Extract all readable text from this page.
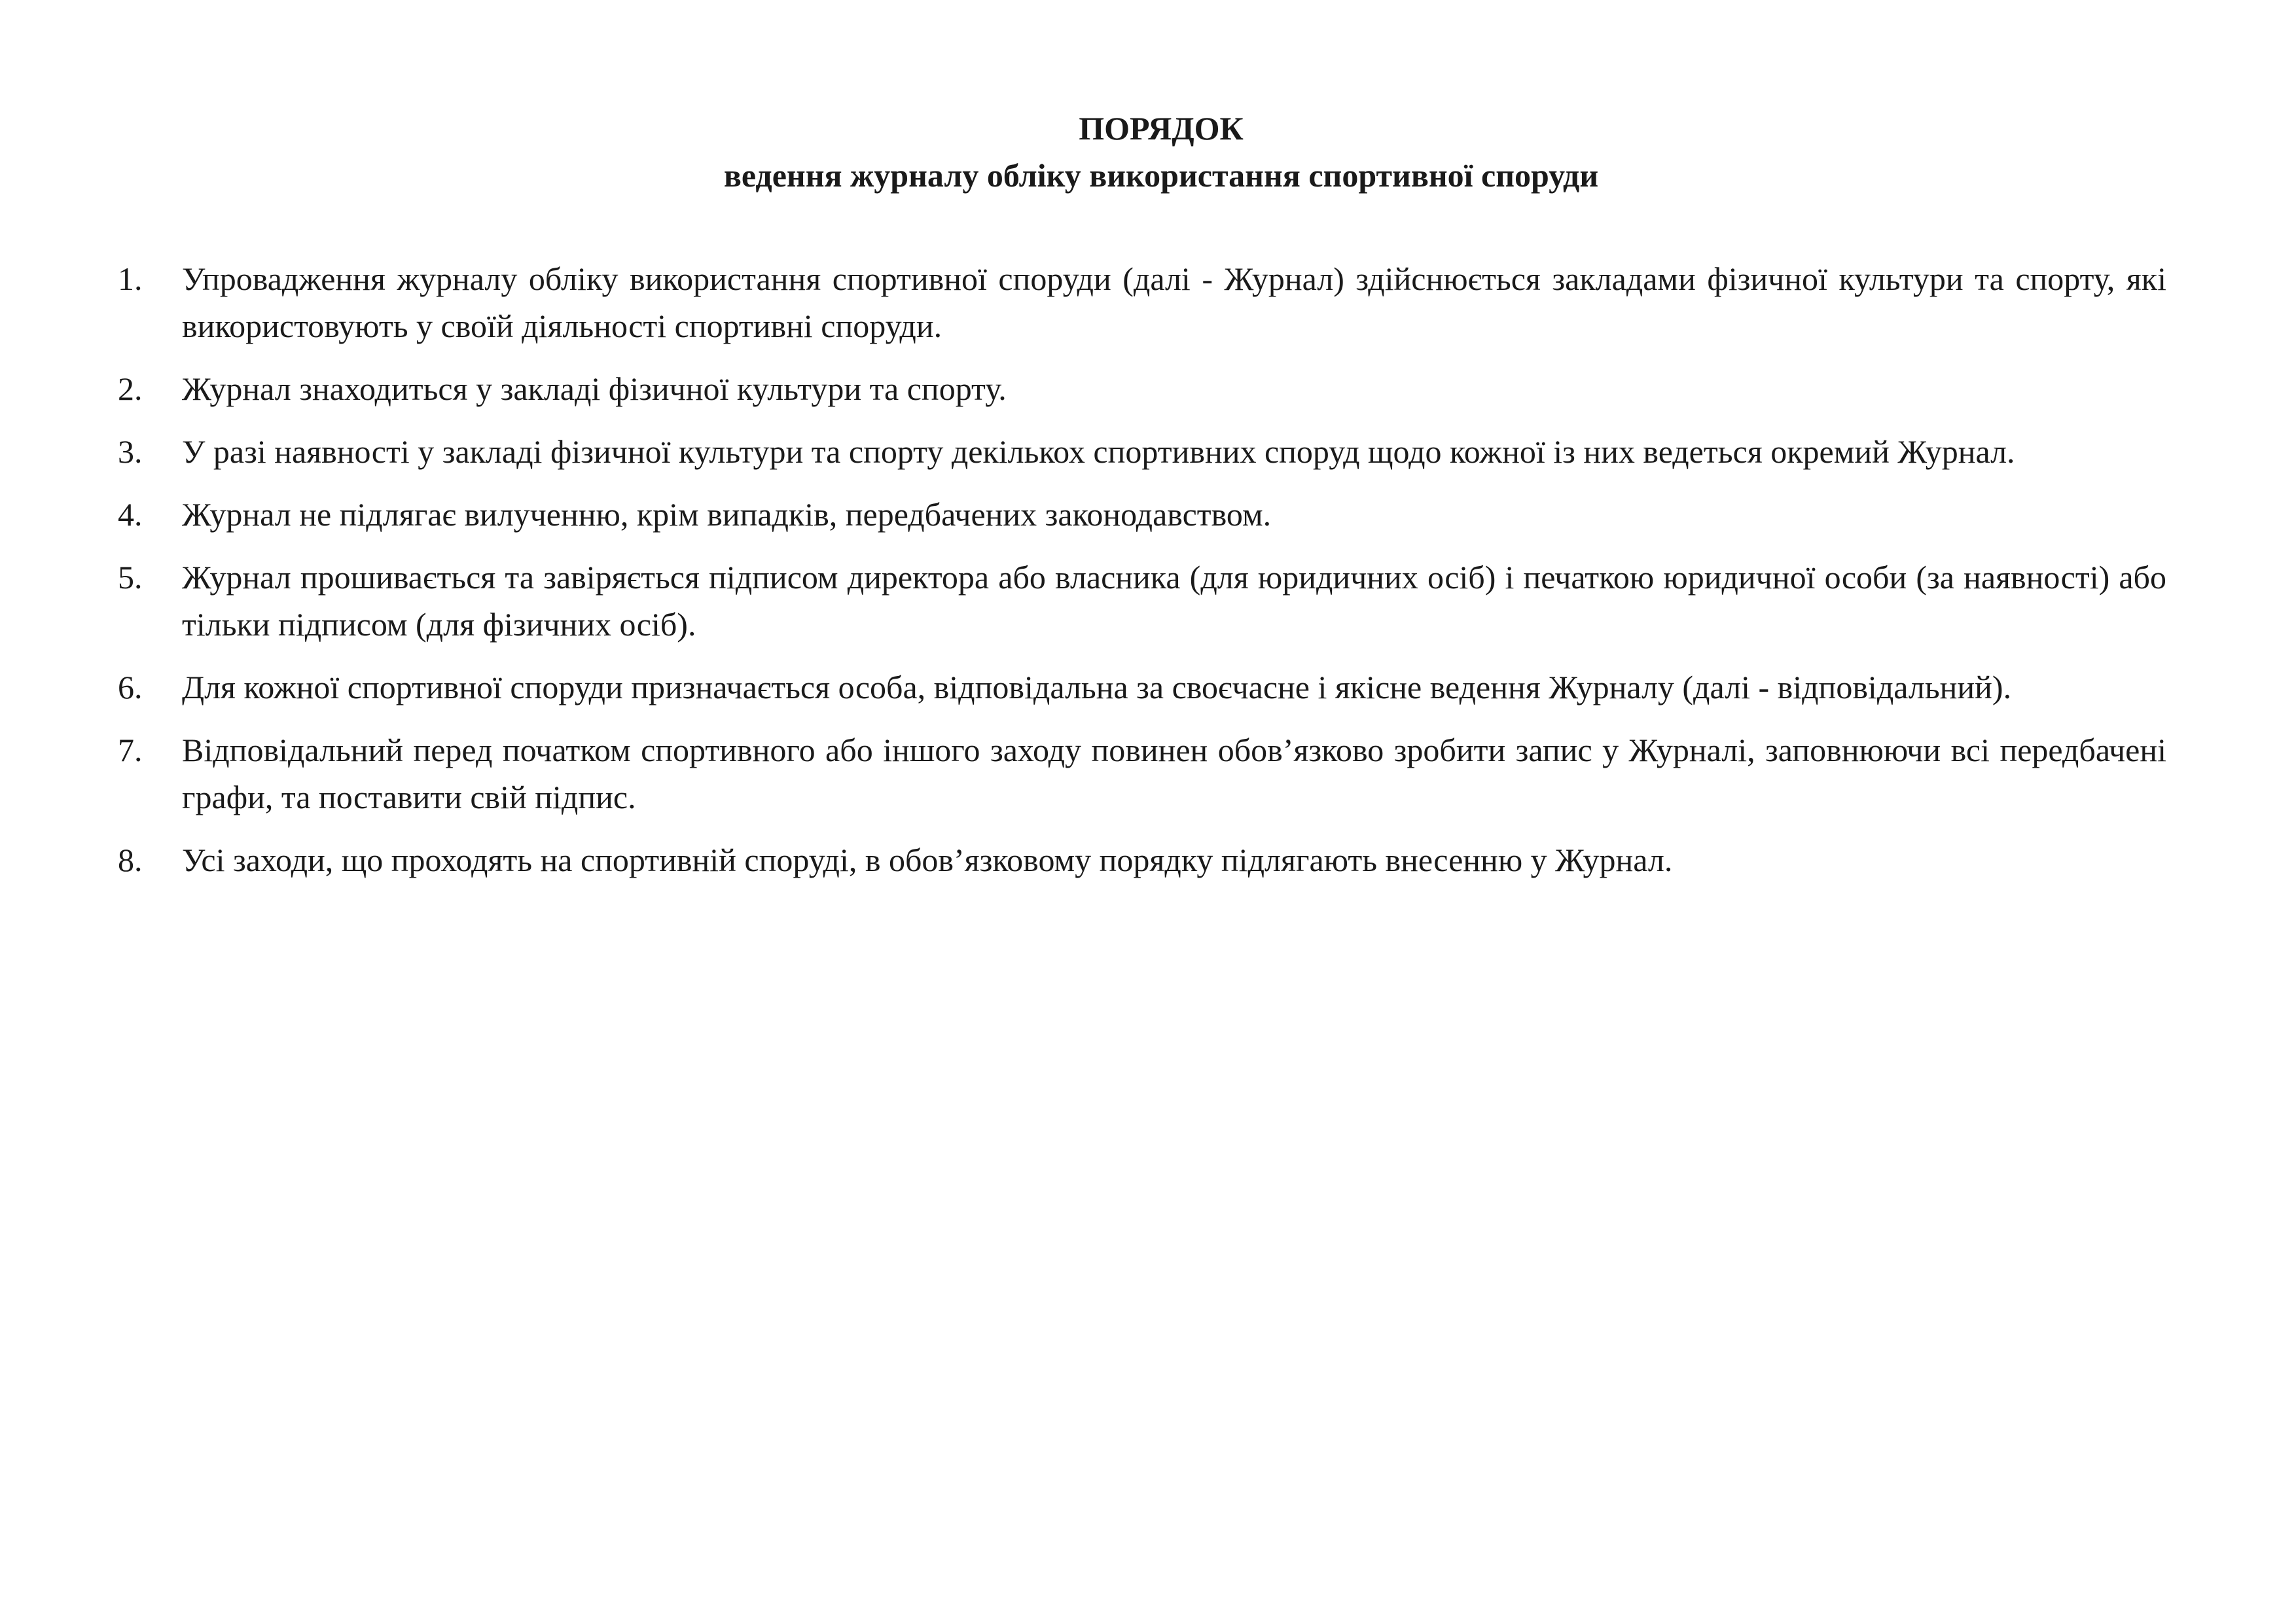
ПОРЯДОК

ведення журналу обліку використання спортивної споруди

1.	Упровадження журналу обліку використання спортивної споруди (далі - Журнал) здійснюється закладами фізичної культури та спорту, які використовують у своїй діяльності спортивні споруди.
2.	Журнал знаходиться у закладі фізичної культури та спорту.
3.	У разі наявності у закладі фізичної культури та спорту декількох спортивних споруд щодо кожної із них ведеться окремий Журнал.
4.	Журнал не підлягає вилученню, крім випадків, передбачених законодавством.
5.	Журнал прошивається та завіряється підписом директора або власника (для юридичних осіб) і печаткою юридичної особи (за наявності) або тільки підписом (для фізичних осіб).
6.	Для кожної спортивної споруди призначається особа, відповідальна за своєчасне і якісне ведення Журналу (далі - відповідальний).
7.	Відповідальний перед початком спортивного або іншого заходу повинен обов’язково зробити запис у Журналі, заповнюючи всі передбачені графи, та поставити свій підпис.
8.	Усі заходи, що проходять на спортивній споруді, в обов’язковому порядку підлягають внесенню у Журнал.
